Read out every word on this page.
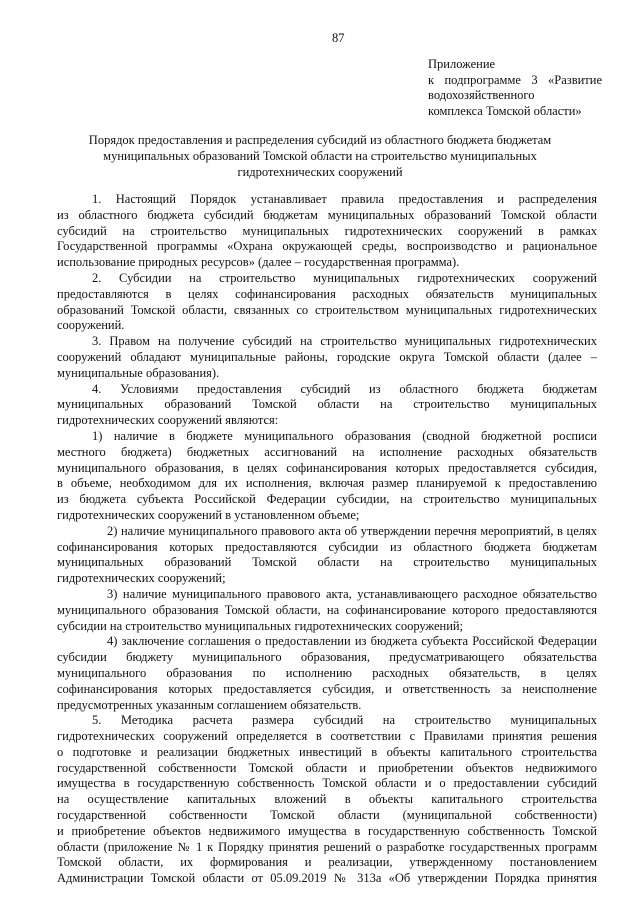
87
Приложение
к подпрограмме 3 «Развитие
водохозяйственного
комплекса Томской области»
Порядок предоставления и распределения субсидий из областного бюджета бюджетам
муниципальных образований Томской области на строительство муниципальных
гидротехнических сооружений
1. Настоящий Порядок устанавливает правила предоставления и распределения
из областного бюджета субсидий бюджетам муниципальных образований Томской области
субсидий на строительство муниципальных гидротехнических сооружений в рамках
Государственной программы «Охрана окружающей среды, воспроизводство и рациональное
использование природных ресурсов» (далее – государственная программа).
2. Субсидии на строительство муниципальных гидротехнических сооружений
предоставляются в целях софинансирования расходных обязательств муниципальных
образований Томской области, связанных со строительством муниципальных гидротехнических
сооружений.
3. Правом на получение субсидий на строительство муниципальных гидротехнических
сооружений обладают муниципальные районы, городские округа Томской области (далее –
муниципальные образования).
4. Условиями предоставления субсидий из областного бюджета бюджетам
муниципальных образований Томской области на строительство муниципальных
гидротехнических сооружений являются:
1) наличие в бюджете муниципального образования (сводной бюджетной росписи
местного бюджета) бюджетных ассигнований на исполнение расходных обязательств
муниципального образования, в целях софинансирования которых предоставляется субсидия,
в объеме, необходимом для их исполнения, включая размер планируемой к предоставлению
из бюджета субъекта Российской Федерации субсидии, на строительство муниципальных
гидротехнических сооружений в установленном объеме;
2) наличие муниципального правового акта об утверждении перечня мероприятий, в целях
софинансирования которых предоставляются субсидии из областного бюджета бюджетам
муниципальных образований Томской области на строительство муниципальных
гидротехнических сооружений;
3) наличие муниципального правового акта, устанавливающего расходное обязательство
муниципального образования Томской области, на софинансирование которого предоставляются
субсидии на строительство муниципальных гидротехнических сооружений;
4) заключение соглашения о предоставлении из бюджета субъекта Российской Федерации
субсидии бюджету муниципального образования, предусматривающего обязательства
муниципального образования по исполнению расходных обязательств, в целях
софинансирования которых предоставляется субсидия, и ответственность за неисполнение
предусмотренных указанным соглашением обязательств.
5. Методика расчета размера субсидий на строительство муниципальных
гидротехнических сооружений определяется в соответствии с Правилами принятия решения
о подготовке и реализации бюджетных инвестиций в объекты капитального строительства
государственной собственности Томской области и приобретении объектов недвижимого
имущества в государственную собственность Томской области и о предоставлении субсидий
на осуществление капитальных вложений в объекты капитального строительства
государственной собственности Томской области (муниципальной собственности)
и приобретение объектов недвижимого имущества в государственную собственность Томской
области (приложение № 1 к Порядку принятия решений о разработке государственных программ
Томской области, их формирования и реализации, утвержденному постановлением
Администрации Томской области от 05.09.2019 № 313а «Об утверждении Порядка принятия
